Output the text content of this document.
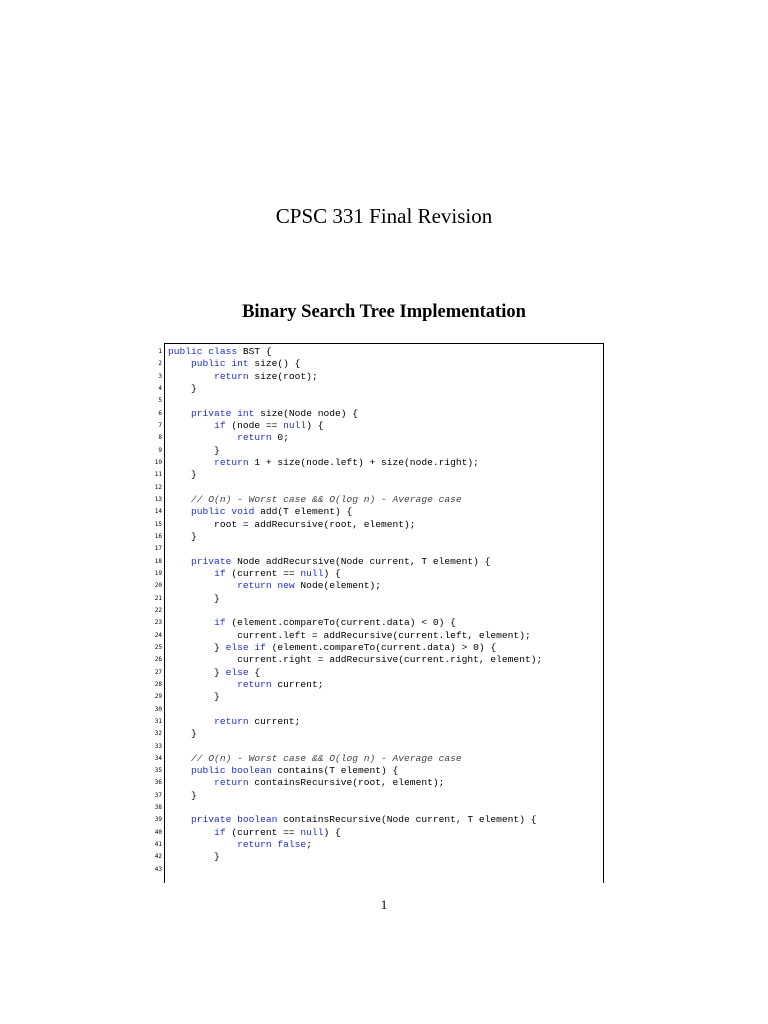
CPSC 331 Final Revision
Binary Search Tree Implementation
1
2
3
4
5
6
7
8
9
10
11
12
13
14
15
16
17
18
19
20
21
22
23
24
25
26
27
28
29
30
31
32
33
34
35
36
37
38
39
40
41
42
43
public class BST {
public int size() {
return size(root);
}
private int size(Node node) {
if (node == null) {
return 0;
}
return 1 + size(node.left) + size(node.right);
}
// O(n) - Worst case && O(log n) - Average case
public void add(T element) {
root = addRecursive(root, element);
}
private Node addRecursive(Node current, T element) {
if (current == null) {
return new Node(element);
}
if (element.compareTo(current.data) < 0) {
current.left = addRecursive(current.left, element);
} else if (element.compareTo(current.data) > 0) {
current.right = addRecursive(current.right, element);
} else {
return current;
}
return current;
}
// O(n) - Worst case && O(log n) - Average case
public boolean contains(T element) {
return containsRecursive(root, element);
}
private boolean containsRecursive(Node current, T element) {
if (current == null) {
return false;
}
1
